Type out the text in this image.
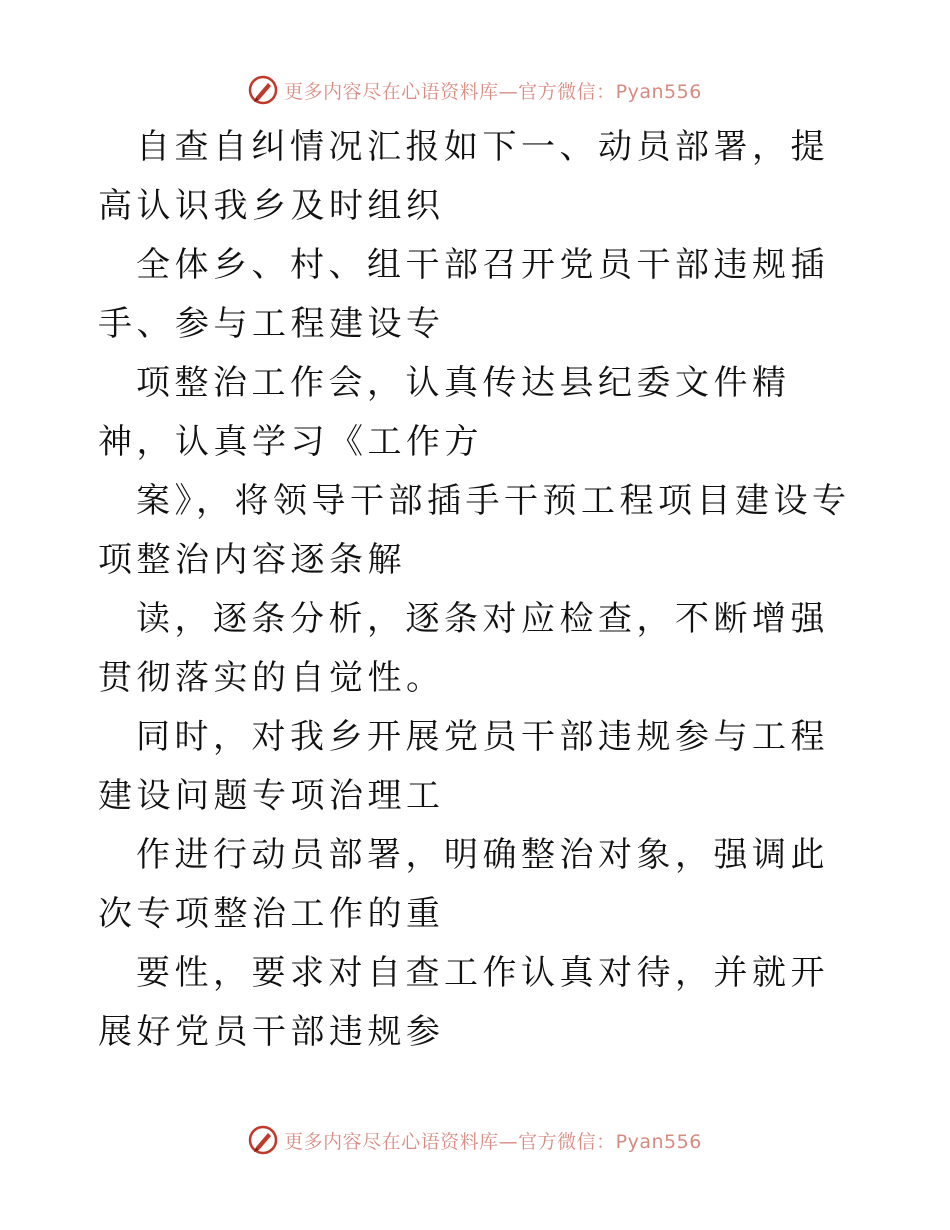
更多内容尽在心语资料库—官方微信：Pyan556

自查自纠情况汇报如下一、动员部署，提高认识我乡及时组织

全体乡、村、组干部召开党员干部违规插手、参与工程建设专

项整治工作会，认真传达县纪委文件精神，认真学习《工作方

案》，将领导干部插手干预工程项目建设专项整治内容逐条解

读，逐条分析，逐条对应检查，不断增强贯彻落实的自觉性。

同时，对我乡开展党员干部违规参与工程建设问题专项治理工

作进行动员部署，明确整治对象，强调此次专项整治工作的重

要性，要求对自查工作认真对待，并就开展好党员干部违规参

更多内容尽在心语资料库—官方微信：Pyan556
